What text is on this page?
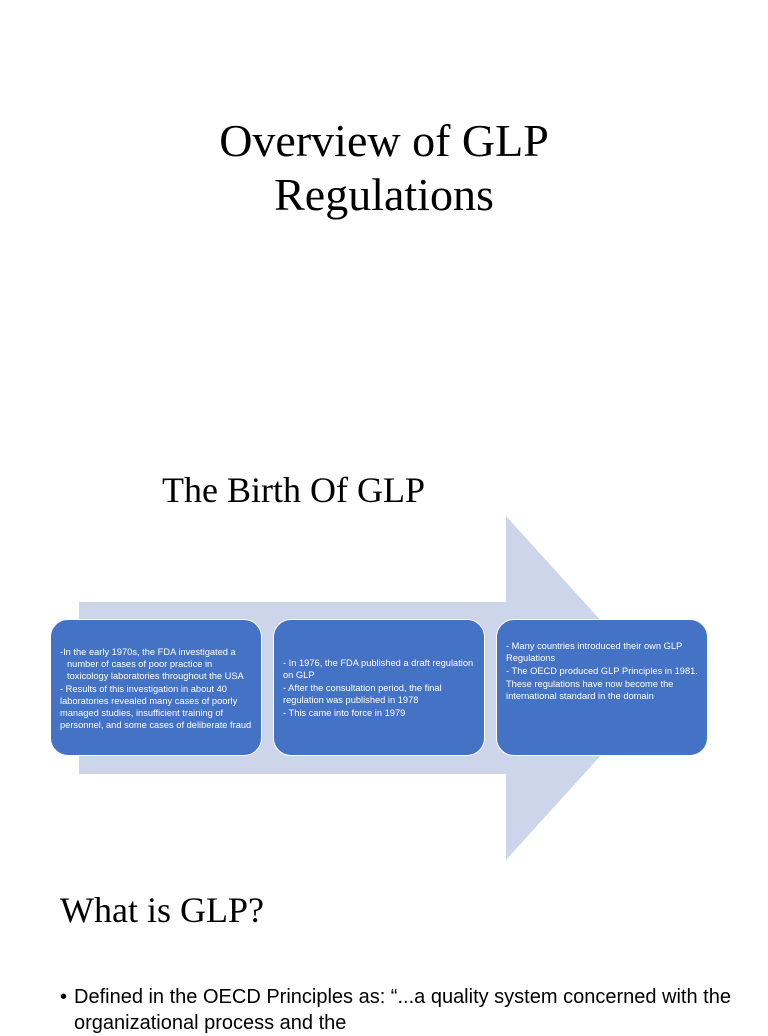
Overview of GLP
Regulations
The Birth Of GLP

-In the early 1970s, the FDA investigated a number of cases of poor practice in toxicology laboratories throughout the USA

- Results of this investigation in about 40 laboratories revealed many cases of poorly managed studies, insufficient training of personnel, and some cases of deliberate fraud

- In 1976, the FDA published a draft regulation on GLP

- After the consultation period, the final regulation was published in 1978

- This came into force in 1979

- Many countries introduced their own GLP Regulations

- The OECD produced GLP Principles in 1981.

These regulations have now become the international standard in the domain

What is GLP?
• Defined in the OECD Principles as: “...a quality system concerned with the organizational process and the
